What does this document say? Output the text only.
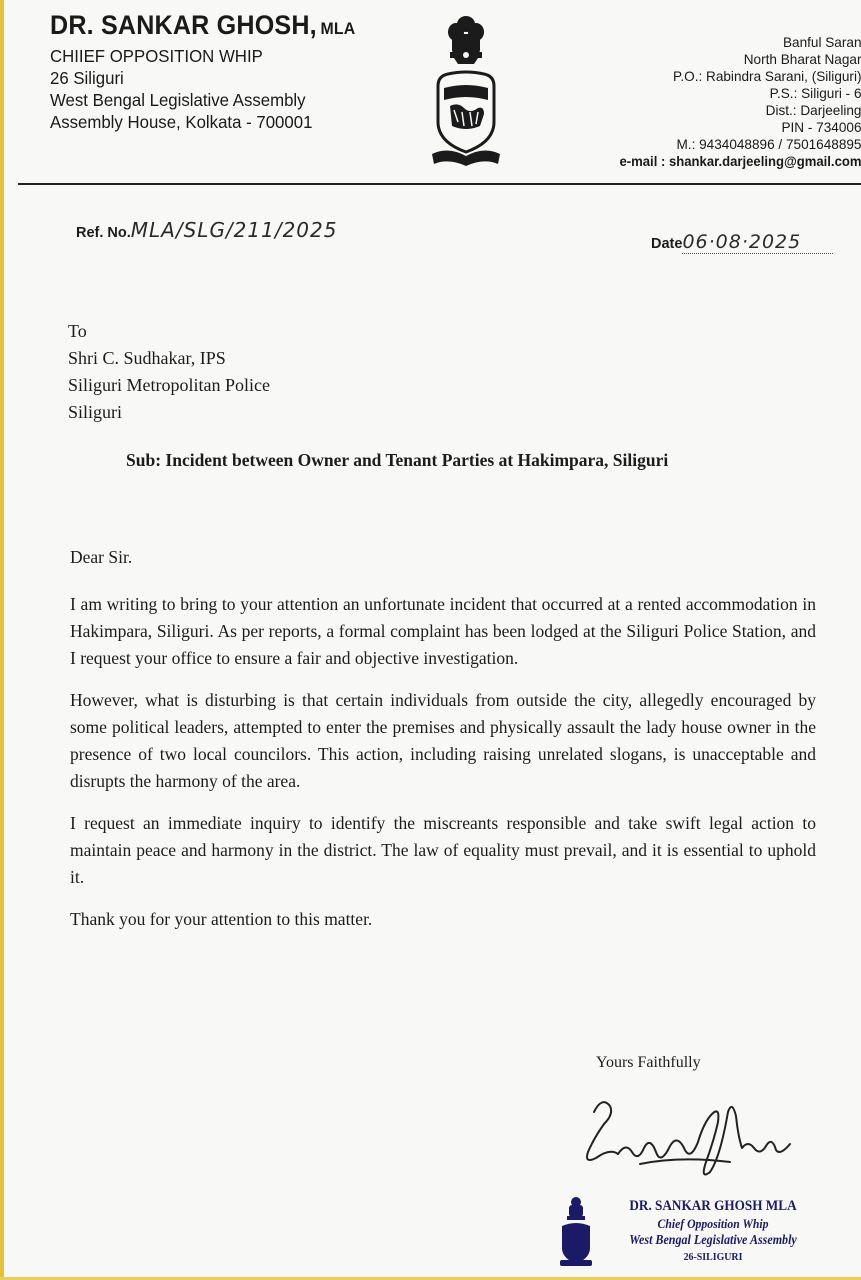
DR. SANKAR GHOSH, MLA
CHIIEF OPPOSITION WHIP
26 Siliguri
West Bengal Legislative Assembly
Assembly House, Kolkata - 700001
Banful Saran
North Bharat Nagar
P.O.: Rabindra Sarani, (Siliguri)
P.S.: Siliguri - 6
Dist.: Darjeeling
PIN - 734006
M.: 9434048896 / 7501648895
e-mail : shankar.darjeeling@gmail.com
Ref. No.MLA/SLG/211/2025
Date06·08·2025
To
Shri C. Sudhakar, IPS
Siliguri Metropolitan Police
Siliguri
Sub: Incident between Owner and Tenant Parties at Hakimpara, Siliguri

Dear Sir.

I am writing to bring to your attention an unfortunate incident that occurred at a rented accommodation in Hakimpara, Siliguri. As per reports, a formal complaint has been lodged at the Siliguri Police Station, and I request your office to ensure a fair and objective investigation.

However, what is disturbing is that certain individuals from outside the city, allegedly encouraged by some political leaders, attempted to enter the premises and physically assault the lady house owner in the presence of two local councilors. This action, including raising unrelated slogans, is unacceptable and disrupts the harmony of the area.

I request an immediate inquiry to identify the miscreants responsible and take swift legal action to maintain peace and harmony in the district. The law of equality must prevail, and it is essential to uphold it.

Thank you for your attention to this matter.

Yours Faithfully
DR. SANKAR GHOSH MLA
Chief Opposition Whip
West Bengal Legislative Assembly
26-SILIGURI
